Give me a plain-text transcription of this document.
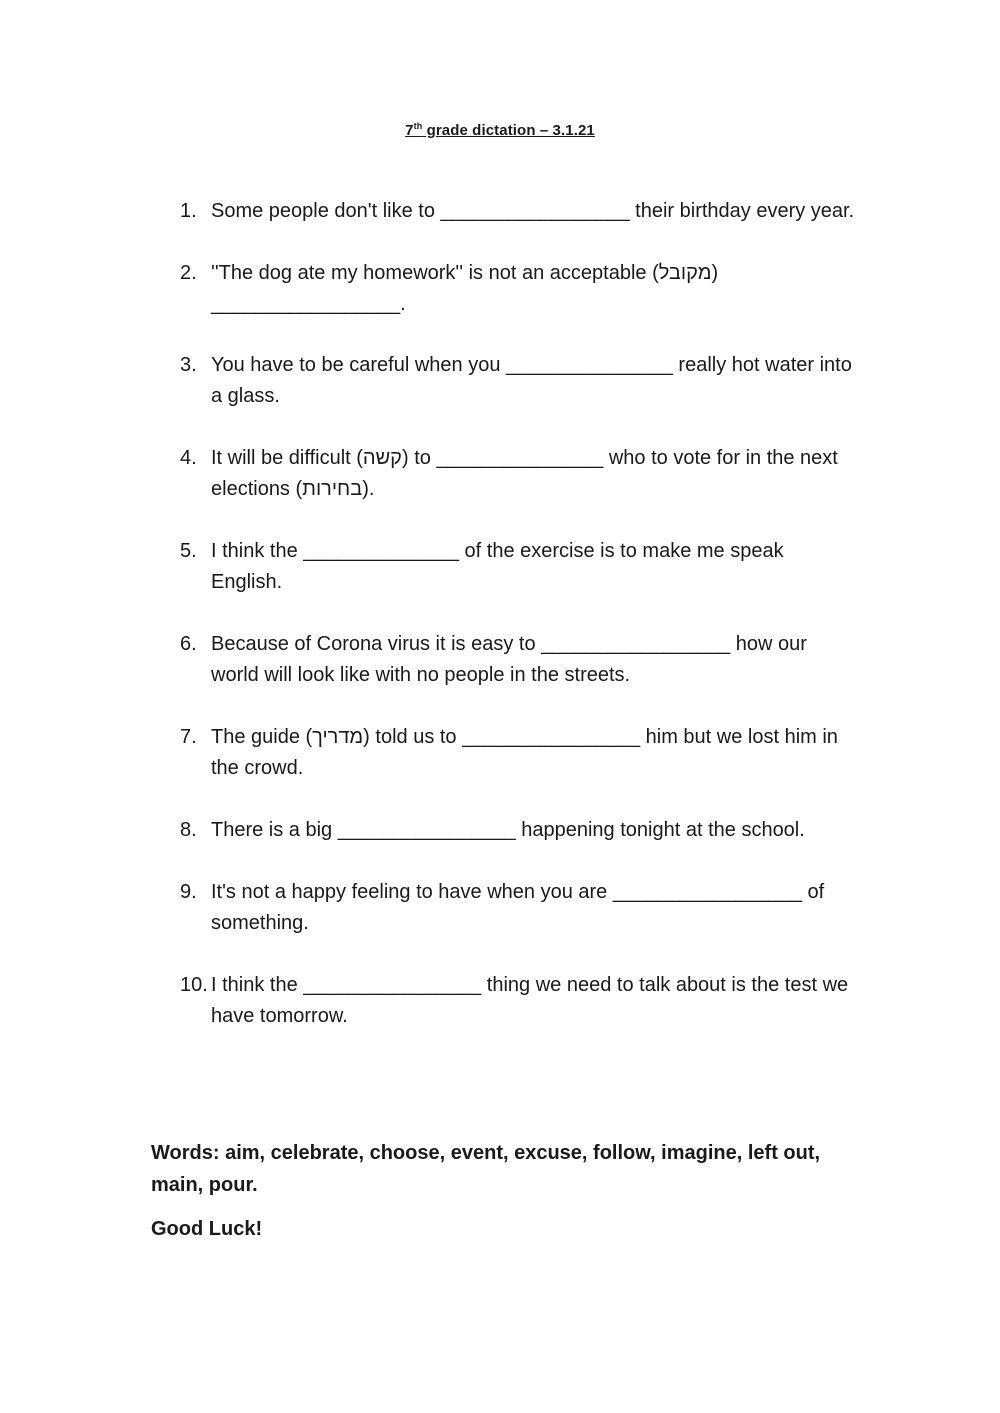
7th grade dictation – 3.1.21
1. Some people don't like to _________________ their birthday every year.
2. ''The dog ate my homework'' is not an acceptable (מקובל) _________________.
3. You have to be careful when you _______________ really hot water into a glass.
4. It will be difficult (קשה) to _______________ who to vote for in the next elections (בחירות).
5. I think the ______________ of the exercise is to make me speak English.
6. Because of Corona virus it is easy to _________________ how our world will look like with no people in the streets.
7. The guide (מדריך) told us to ________________ him but we lost him in the crowd.
8. There is a big ________________ happening tonight at the school.
9. It's not a happy feeling to have when you are _________________ of something.
10. I think the ________________ thing we need to talk about is the test we have tomorrow.
Words: aim, celebrate, choose, event, excuse, follow, imagine, left out, main, pour.
Good Luck!
